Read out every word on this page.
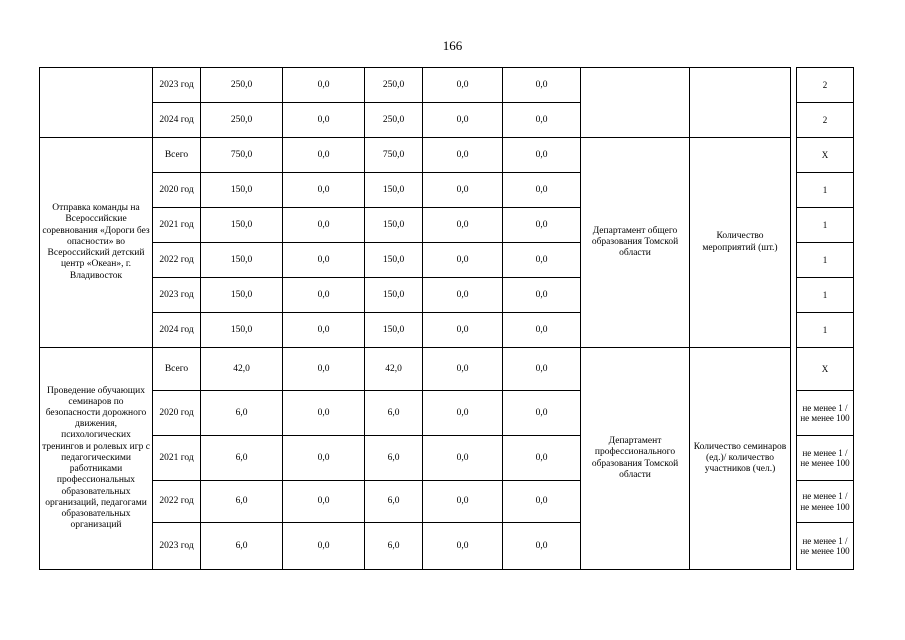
166
	2023 год	250,0	0,0	250,0	0,0	0,0				2
	2024 год	250,0	0,0	250,0	0,0	0,0				2
Отправка команды на Всероссийские соревнования «Дороги без опасности» во Всероссийский детский центр «Океан», г. Владивосток	Всего	750,0	0,0	750,0	0,0	0,0	Департамент общего образования Томской области	Количество мероприятий (шт.)		Х
	2020 год	150,0	0,0	150,0	0,0	0,0				1
	2021 год	150,0	0,0	150,0	0,0	0,0				1
	2022 год	150,0	0,0	150,0	0,0	0,0				1
	2023 год	150,0	0,0	150,0	0,0	0,0				1
	2024 год	150,0	0,0	150,0	0,0	0,0				1
Проведение обучающих семинаров по безопасности дорожного движения, психологических тренингов и ролевых игр с педагогическими работниками профессиональных образовательных организаций, педагогами образовательных организаций	Всего	42,0	0,0	42,0	0,0	0,0	Департамент профессионального образования Томской области	Количество семинаров (ед.)/ количество участников (чел.)		Х
	2020 год	6,0	0,0	6,0	0,0	0,0				не менее 1 / не менее 100
	2021 год	6,0	0,0	6,0	0,0	0,0				не менее 1 / не менее 100
	2022 год	6,0	0,0	6,0	0,0	0,0				не менее 1 / не менее 100
	2023 год	6,0	0,0	6,0	0,0	0,0				не менее 1 / не менее 100
